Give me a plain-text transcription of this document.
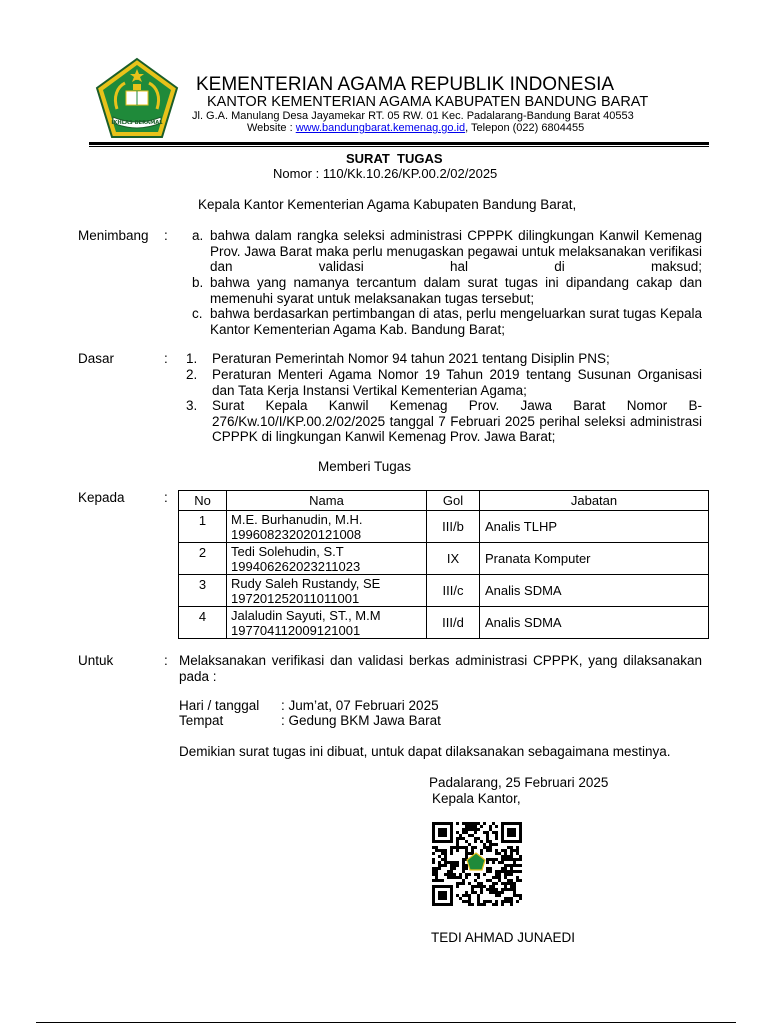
IKHLAS BERAMAL
KEMENTERIAN AGAMA REPUBLIK INDONESIA
KANTOR KEMENTERIAN AGAMA KABUPATEN BANDUNG BARAT
Jl. G.A. Manulang Desa Jayamekar RT. 05 RW. 01 Kec. Padalarang-Bandung Barat 40553
Website : www.bandungbarat.kemenag.go.id, Telepon (022) 6804455
SURAT  TUGAS
Nomor : 110/Kk.10.26/KP.00.2/02/2025
Kepala Kantor Kementerian Agama Kabupaten Bandung Barat,
Menimbang : a. bahwa dalam rangka seleksi administrasi CPPPK dilingkungan Kanwil Kemenag Prov. Jawa Barat maka perlu menugaskan pegawai untuk melaksanakan verifikasi dan validasi hal di maksud;
b. bahwa yang namanya tercantum dalam surat tugas ini dipandang cakap dan memenuhi syarat untuk melaksanakan tugas tersebut;
c. bahwa berdasarkan pertimbangan di atas, perlu mengeluarkan surat tugas Kepala Kantor Kementerian Agama Kab. Bandung Barat;
Dasar	: 1. Peraturan Pemerintah Nomor 94 tahun 2021 tentang Disiplin PNS;
2. Peraturan Menteri Agama Nomor 19 Tahun 2019 tentang Susunan Organisasi dan Tata Kerja Instansi Vertikal Kementerian Agama;
3. Surat Kepala Kanwil Kemenag Prov. Jawa Barat Nomor B-276/Kw.10/I/KP.00.2/02/2025 tanggal 7 Februari 2025 perihal seleksi administrasi CPPPK di lingkungan Kanwil Kemenag Prov. Jawa Barat;
Memberi Tugas
Kepada	: No	Nama	Gol	Jabatan

1	M.E. Burhanudin, M.H.
199608232020121008	III/b	Analis TLHP

2	Tedi Solehudin, S.T
199406262023211023	IX	Pranata Komputer

3	Rudy Saleh Rustandy, SE
197201252011011001	III/c	Analis SDMA

4	Jalaludin Sayuti, ST., M.M
197704112009121001	III/d	Analis SDMA
Untuk	: Melaksanakan verifikasi dan validasi berkas administrasi CPPPK, yang dilaksanakan pada :
Hari / tanggal : Jum’at, 07 Februari 2025
Tempat	: Gedung BKM Jawa Barat
Demikian surat tugas ini dibuat, untuk dapat dilaksanakan sebagaimana mestinya.
Padalarang, 25 Februari 2025
Kepala Kantor,
TEDI AHMAD JUNAEDI
